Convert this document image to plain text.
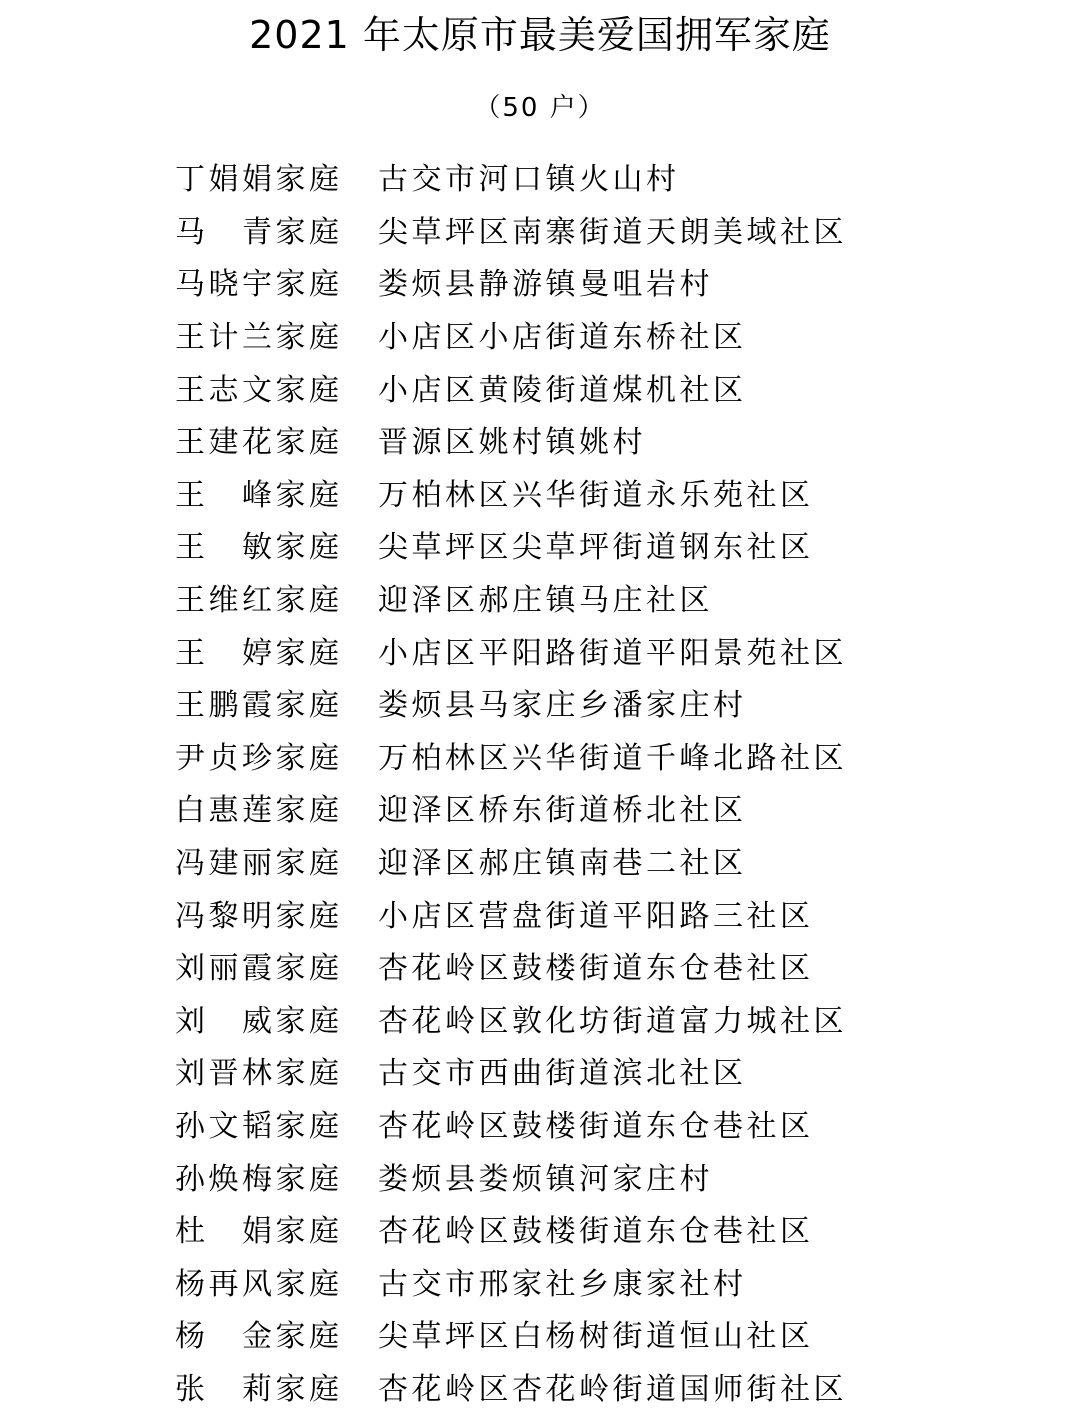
2021 年太原市最美爱国拥军家庭
（50 户）
丁娟娟家庭	古交市河口镇火山村
马　青家庭	尖草坪区南寨街道天朗美域社区
马晓宇家庭	娄烦县静游镇曼咀岩村
王计兰家庭	小店区小店街道东桥社区
王志文家庭	小店区黄陵街道煤机社区
王建花家庭	晋源区姚村镇姚村
王　峰家庭	万柏林区兴华街道永乐苑社区
王　敏家庭	尖草坪区尖草坪街道钢东社区
王维红家庭	迎泽区郝庄镇马庄社区
王　婷家庭	小店区平阳路街道平阳景苑社区
王鹏霞家庭	娄烦县马家庄乡潘家庄村
尹贞珍家庭	万柏林区兴华街道千峰北路社区
白惠莲家庭	迎泽区桥东街道桥北社区
冯建丽家庭	迎泽区郝庄镇南巷二社区
冯黎明家庭	小店区营盘街道平阳路三社区
刘丽霞家庭	杏花岭区鼓楼街道东仓巷社区
刘　威家庭	杏花岭区敦化坊街道富力城社区
刘晋林家庭	古交市西曲街道滨北社区
孙文韬家庭	杏花岭区鼓楼街道东仓巷社区
孙焕梅家庭	娄烦县娄烦镇河家庄村
杜　娟家庭	杏花岭区鼓楼街道东仓巷社区
杨再风家庭	古交市邢家社乡康家社村
杨　金家庭	尖草坪区白杨树街道恒山社区
张　莉家庭	杏花岭区杏花岭街道国师街社区
